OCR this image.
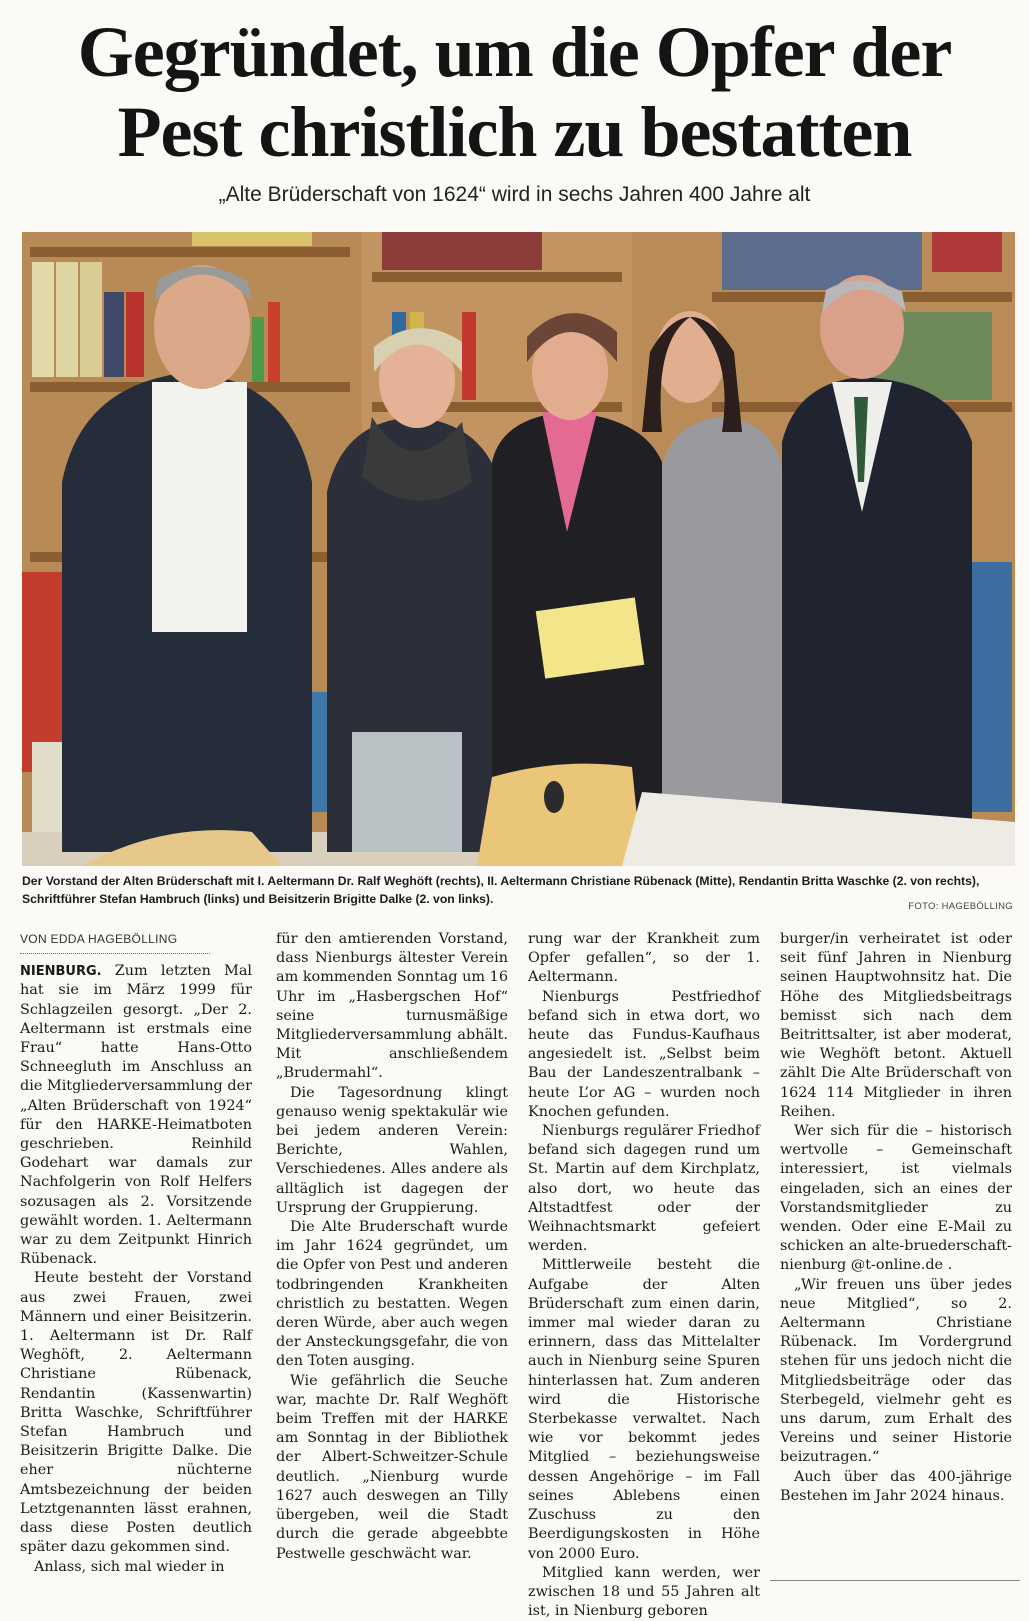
Gegründet, um die Opfer der
Pest christlich zu bestatten
„Alte Brüderschaft von 1624“ wird in sechs Jahren 400 Jahre alt
Der Vorstand der Alten Brüderschaft mit I. Aeltermann Dr. Ralf Weghöft (rechts), II. Aeltermann Christiane Rübenack (Mitte), Rendantin Britta Waschke (2. von rechts), Schriftführer Stefan Hambruch (links) und Beisitzerin Brigitte Dalke (2. von links).
FOTO: HAGEBÖLLING
VON EDDA HAGEBÖLLING

NIENBURG. Zum letzten Mal hat sie im März 1999 für Schlagzeilen gesorgt. „Der 2. Aeltermann ist erstmals eine Frau“ hatte Hans-Otto Schneegluth im Anschluss an die Mitgliederversammlung der „Alten Brüderschaft von 1924“ für den HARKE-Heimatboten geschrieben. Reinhild Godehart war damals zur Nachfolgerin von Rolf Helfers sozusagen als 2. Vorsitzende gewählt worden. 1. Aeltermann war zu dem Zeitpunkt Hinrich Rübenack.

Heute besteht der Vorstand aus zwei Frauen, zwei Männern und einer Beisitzerin. 1. Aeltermann ist Dr. Ralf Weghöft, 2. Aeltermann Christiane Rübenack, Rendantin (Kassenwartin) Britta Waschke, Schriftführer Stefan Hambruch und Beisitzerin Brigitte Dalke. Die eher nüchterne Amtsbezeichnung der beiden Letztgenannten lässt erahnen, dass diese Posten deutlich später dazu gekommen sind.

Anlass, sich mal wieder in

für den amtierenden Vorstand, dass Nienburgs ältester Verein am kommenden Sonntag um 16 Uhr im „Hasbergschen Hof“ seine turnusmäßige Mitgliederversammlung abhält. Mit anschließendem „Brudermahl“.

Die Tagesordnung klingt genauso wenig spektakulär wie bei jedem anderen Verein: Berichte, Wahlen, Verschiedenes. Alles andere als alltäglich ist dagegen der Ursprung der Gruppierung.

Die Alte Bruderschaft wurde im Jahr 1624 gegründet, um die Opfer von Pest und anderen todbringenden Krankheiten christlich zu bestatten. Wegen deren Würde, aber auch wegen der Ansteckungsgefahr, die von den Toten ausging.

Wie gefährlich die Seuche war, machte Dr. Ralf Weghöft beim Treffen mit der HARKE am Sonntag in der Bibliothek der Albert-Schweitzer-Schule deutlich. „Nienburg wurde 1627 auch deswegen an Tilly übergeben, weil die Stadt durch die gerade abgeebbte Pestwelle geschwächt war.

rung war der Krankheit zum Opfer gefallen“, so der 1. Aeltermann.

Nienburgs Pestfriedhof befand sich in etwa dort, wo heute das Fundus-Kaufhaus angesiedelt ist. „Selbst beim Bau der Landeszentralbank – heute L’or AG – wurden noch Knochen gefunden.

Nienburgs regulärer Friedhof befand sich dagegen rund um St. Martin auf dem Kirchplatz, also dort, wo heute das Altstadtfest oder der Weihnachtsmarkt gefeiert werden.

Mittlerweile besteht die Aufgabe der Alten Brüderschaft zum einen darin, immer mal wieder daran zu erinnern, dass das Mittelalter auch in Nienburg seine Spuren hinterlassen hat. Zum anderen wird die Historische Sterbekasse verwaltet. Nach wie vor bekommt jedes Mitglied – beziehungsweise dessen Angehörige – im Fall seines Ablebens einen Zuschuss zu den Beerdigungskosten in Höhe von 2000 Euro.

Mitglied kann werden, wer zwischen 18 und 55 Jahren alt ist, in Nienburg geboren

burger/in verheiratet ist oder seit fünf Jahren in Nienburg seinen Hauptwohnsitz hat. Die Höhe des Mitgliedsbeitrags bemisst sich nach dem Beitrittsalter, ist aber moderat, wie Weghöft betont. Aktuell zählt Die Alte Brüderschaft von 1624 114 Mitglieder in ihren Reihen.

Wer sich für die – historisch wertvolle – Gemeinschaft interessiert, ist vielmals eingeladen, sich an eines der Vorstandsmitglieder zu wenden. Oder eine E-Mail zu schicken an alte-bruederschaft-nienburg @t-online.de .

„Wir freuen uns über jedes neue Mitglied“, so 2. Aeltermann Christiane Rübenack. Im Vordergrund stehen für uns jedoch nicht die Mitgliedsbeiträge oder das Sterbegeld, vielmehr geht es uns darum, zum Erhalt des Vereins und seiner Historie beizutragen.“

Auch über das 400-jährige Bestehen im Jahr 2024 hinaus.
